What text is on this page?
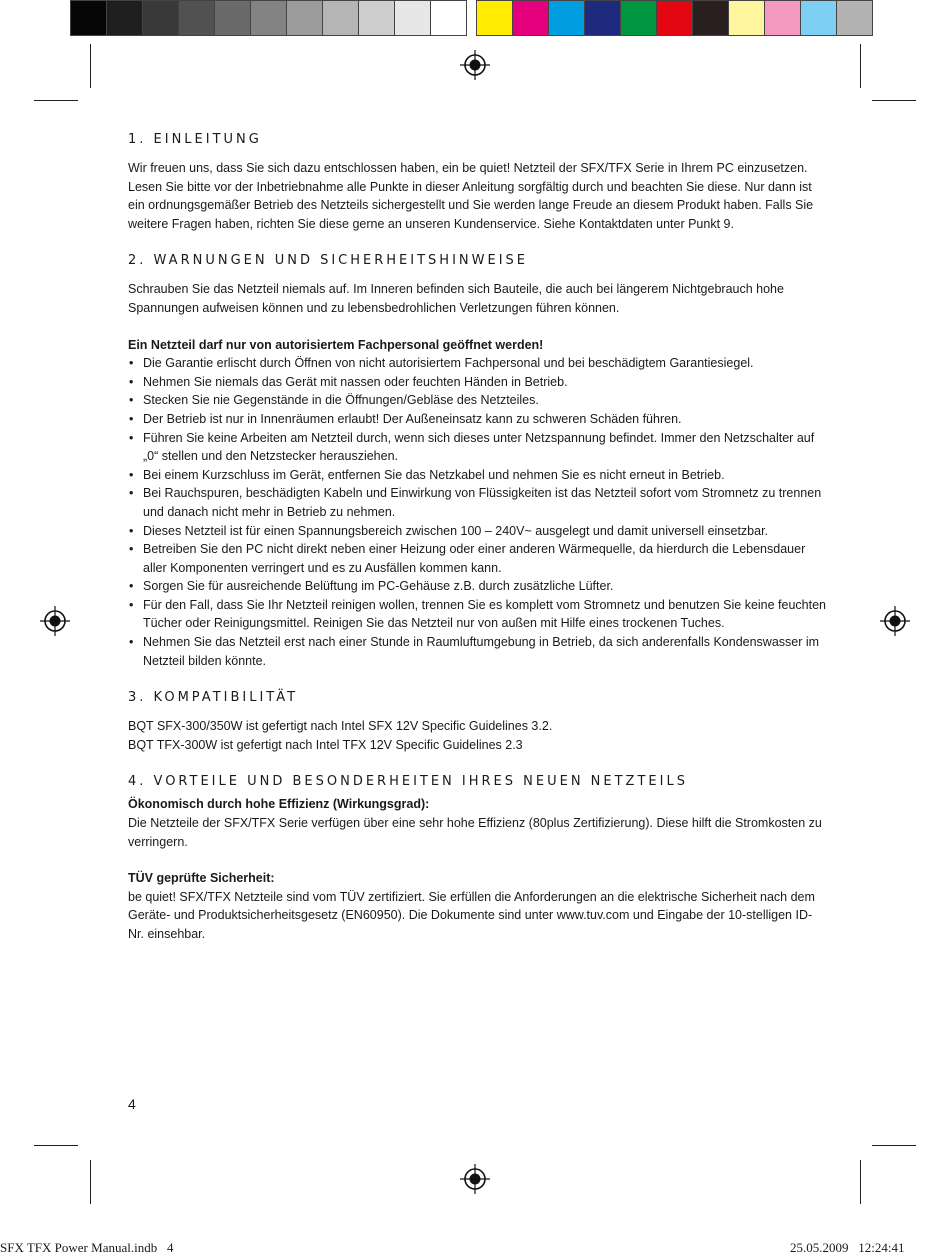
1. EINLEITUNG

Wir freuen uns, dass Sie sich dazu entschlossen haben, ein be quiet! Netzteil der SFX/TFX Serie in Ihrem PC einzusetzen. Lesen Sie bitte vor der Inbetriebnahme alle Punkte in dieser Anleitung sorgfältig durch und beachten Sie diese. Nur dann ist ein ordnungsgemäßer Betrieb des Netzteils sichergestellt und Sie werden lange Freude an diesem Produkt haben. Falls Sie weitere Fragen haben, richten Sie diese gerne an unseren Kundenservice. Siehe Kontaktdaten unter Punkt 9.

2. WARNUNGEN UND SICHERHEITSHINWEISE

Schrauben Sie das Netzteil niemals auf. Im Inneren befinden sich Bauteile, die auch bei längerem Nichtgebrauch hohe Spannungen aufweisen können und zu lebensbedrohlichen Verletzungen führen können.

Ein Netzteil darf nur von autorisiertem Fachpersonal geöffnet werden!
• Die Garantie erlischt durch Öffnen von nicht autorisiertem Fachpersonal und bei beschädigtem Garantiesiegel.
• Nehmen Sie niemals das Gerät mit nassen oder feuchten Händen in Betrieb.
• Stecken Sie nie Gegenstände in die Öffnungen/Gebläse des Netzteiles.
• Der Betrieb ist nur in Innenräumen erlaubt! Der Außeneinsatz kann zu schweren Schäden führen.
• Führen Sie keine Arbeiten am Netzteil durch, wenn sich dieses unter Netzspannung befindet. Immer den Netzschalter auf „0“ stellen und den Netzstecker herausziehen.
• Bei einem Kurzschluss im Gerät, entfernen Sie das Netzkabel und nehmen Sie es nicht erneut in Betrieb.
• Bei Rauchspuren, beschädigten Kabeln und Einwirkung von Flüssigkeiten ist das Netzteil sofort vom Stromnetz zu trennen und danach nicht mehr in Betrieb zu nehmen.
• Dieses Netzteil ist für einen Spannungsbereich zwischen 100 – 240V~ ausgelegt und damit universell einsetzbar.
• Betreiben Sie den PC nicht direkt neben einer Heizung oder einer anderen Wärmequelle, da hierdurch die Lebensdauer aller Komponenten verringert und es zu Ausfällen kommen kann.
• Sorgen Sie für ausreichende Belüftung im PC-Gehäuse z.B. durch zusätzliche Lüfter.
• Für den Fall, dass Sie Ihr Netzteil reinigen wollen, trennen Sie es komplett vom Stromnetz und benutzen Sie keine feuchten Tücher oder Reinigungsmittel. Reinigen Sie das Netzteil nur von außen mit Hilfe eines trockenen Tuches.
• Nehmen Sie das Netzteil erst nach einer Stunde in Raumluftumgebung in Betrieb, da sich anderenfalls Kondenswasser im Netzteil bilden könnte.
3. KOMPATIBILITÄT

BQT SFX-300/350W ist gefertigt nach Intel SFX 12V Specific Guidelines 3.2.

BQT TFX-300W ist gefertigt nach Intel TFX 12V Specific Guidelines 2.3

4. VORTEILE UND BESONDERHEITEN IHRES NEUEN NETZTEILS
Ökonomisch durch hohe Effizienz (Wirkungsgrad):

Die Netzteile der SFX/TFX Serie verfügen über eine sehr hohe Effizienz (80plus Zertifizierung). Diese hilft die Stromkosten zu verringern.

TÜV geprüfte Sicherheit:

be quiet! SFX/TFX Netzteile sind vom TÜV zertifiziert. Sie erfüllen die Anforderungen an die elektrische Sicherheit nach dem Geräte- und Produktsicherheitsgesetz (EN60950). Die Dokumente sind unter www.tuv.com und Eingabe der 10-stelligen ID-Nr. einsehbar.

4
SFX TFX Power Manual.indb   4	25.05.2009   12:24:41
